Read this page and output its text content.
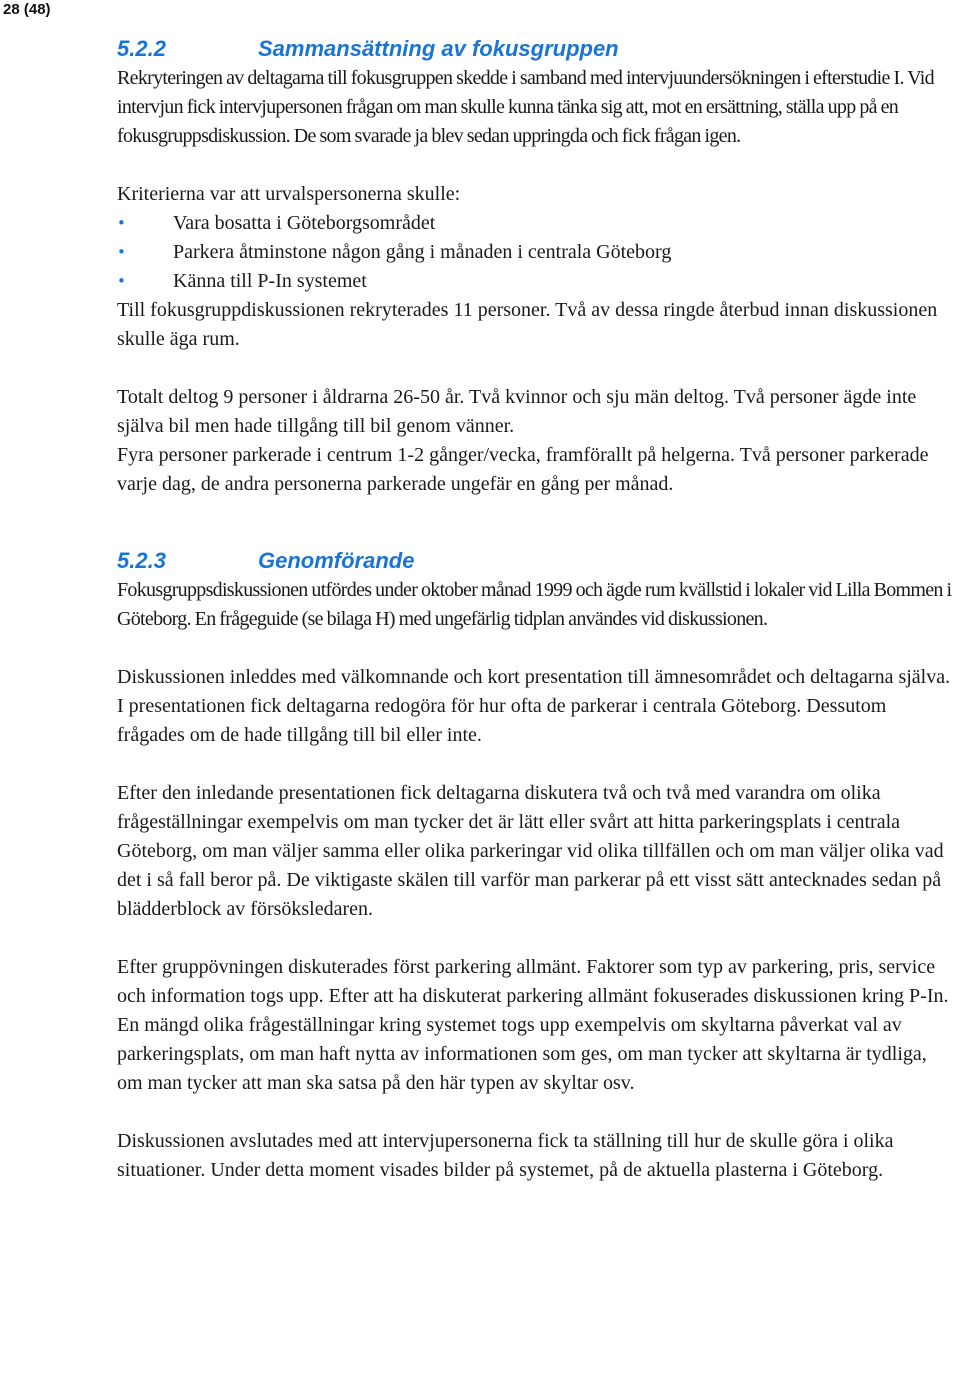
28 (48)
5.2.2	Sammansättning av fokusgruppen

Rekryteringen av deltagarna till fokusgruppen skedde i samband med intervjuundersökningen i efterstudie I. Vid intervjun fick intervjupersonen frågan om man skulle kunna tänka sig att, mot en ersättning, ställa upp på en fokusgruppsdiskussion. De som svarade ja blev sedan uppringda och fick frågan igen.

Kriterierna var att urvalspersonerna skulle:

• Vara bosatta i Göteborgsområdet
• Parkera åtminstone någon gång i månaden i centrala Göteborg
• Känna till P-In systemet

Till fokusgruppdiskussionen rekryterades 11 personer. Två av dessa ringde återbud innan diskussionen skulle äga rum.

Totalt deltog 9 personer i åldrarna 26-50 år. Två kvinnor och sju män deltog. Två personer ägde inte själva bil men hade tillgång till bil genom vänner.

Fyra personer parkerade i centrum 1-2 gånger/vecka, framförallt på helgerna. Två personer parkerade varje dag, de andra personerna parkerade ungefär en gång per månad.

5.2.3	Genomförande

Fokusgruppsdiskussionen utfördes under oktober månad 1999 och ägde rum kvällstid i lokaler vid Lilla Bommen i Göteborg. En frågeguide (se bilaga H) med ungefärlig tidplan användes vid diskussionen.

Diskussionen inleddes med välkomnande och kort presentation till ämnesområdet och deltagarna själva. I presentationen fick deltagarna redogöra för hur ofta de parkerar i centrala Göteborg. Dessutom frågades om de hade tillgång till bil eller inte.

Efter den inledande presentationen fick deltagarna diskutera två och två med varandra om olika frågeställningar exempelvis om man tycker det är lätt eller svårt att hitta parkeringsplats i centrala Göteborg, om man väljer samma eller olika parkeringar vid olika tillfällen och om man väljer olika vad det i så fall beror på. De viktigaste skälen till varför man parkerar på ett visst sätt antecknades sedan på blädderblock av försöksledaren.

Efter gruppövningen diskuterades först parkering allmänt. Faktorer som typ av parkering, pris, service och information togs upp. Efter att ha diskuterat parkering allmänt fokuserades diskussionen kring P-In. En mängd olika frågeställningar kring systemet togs upp exempelvis om skyltarna påverkat val av parkeringsplats, om man haft nytta av informationen som ges, om man tycker att skyltarna är tydliga, om man tycker att man ska satsa på den här typen av skyltar osv.

Diskussionen avslutades med att intervjupersonerna fick ta ställning till hur de skulle göra i olika situationer. Under detta moment visades bilder på systemet, på de aktuella plasterna i Göteborg.
